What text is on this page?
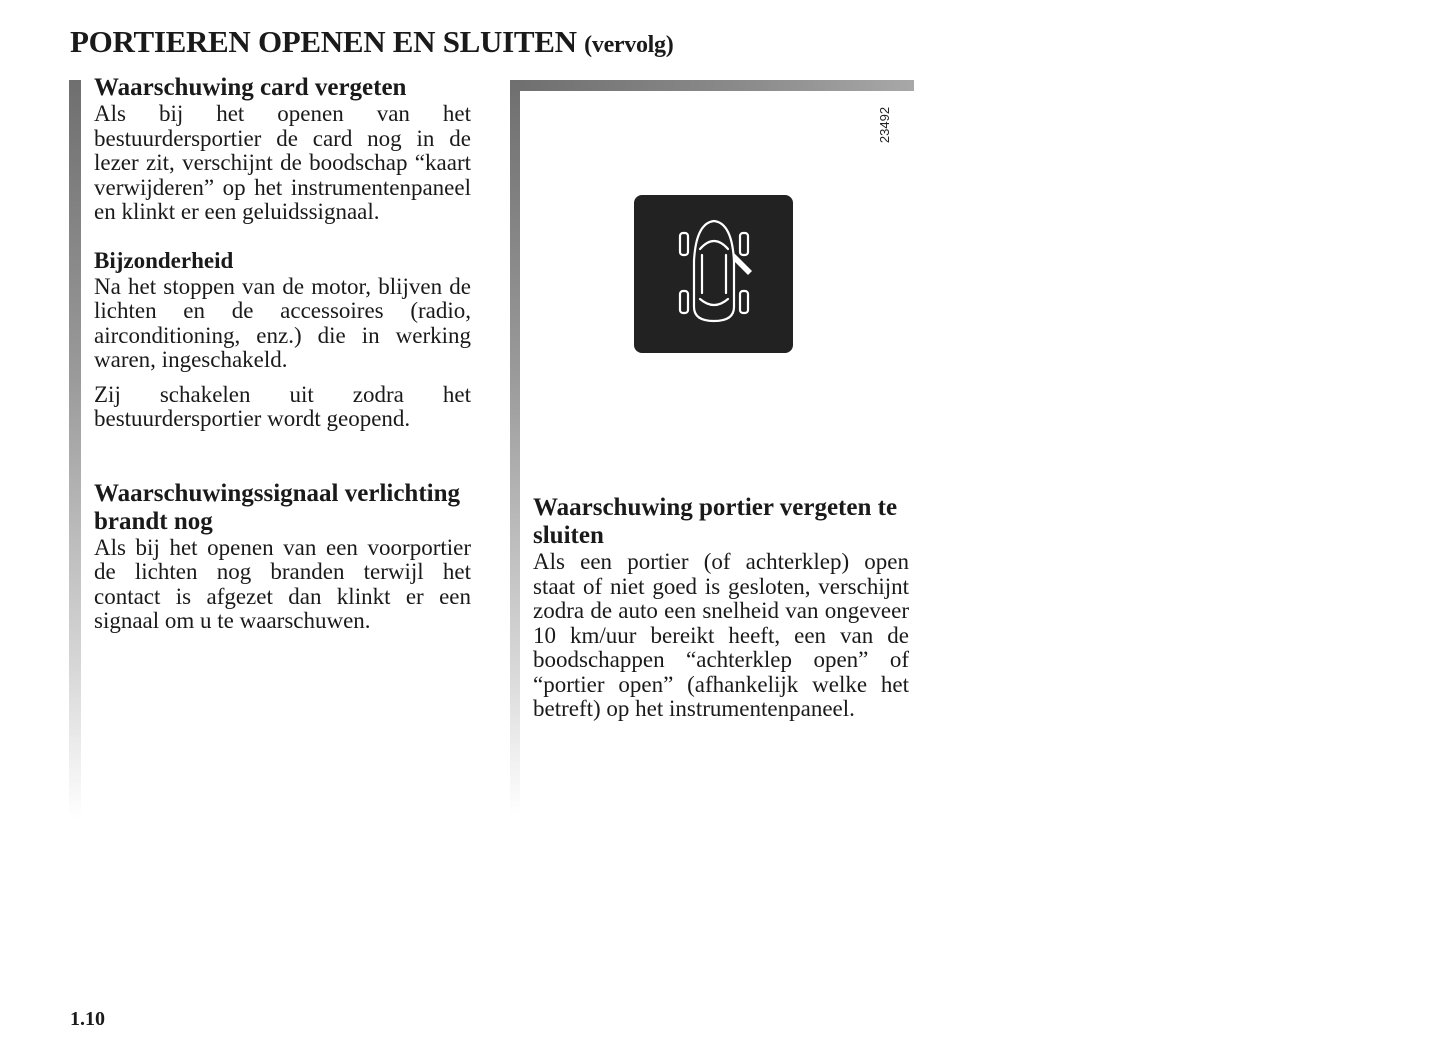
PORTIEREN OPENEN EN SLUITEN (vervolg)
Waarschuwing card vergeten

Als bij het openen van het bestuurdersportier de card nog in de lezer zit, verschijnt de boodschap “kaart verwijderen” op het instrumentenpaneel en klinkt er een geluidssignaal.

Bijzonderheid

Na het stoppen van de motor, blijven de lichten en de accessoires (radio, airconditioning, enz.) die in werking waren, ingeschakeld.

Zij schakelen uit zodra het bestuurdersportier wordt geopend.

Waarschuwingssignaal verlichting brandt nog

Als bij het openen van een voorportier de lichten nog branden terwijl het contact is afgezet dan klinkt er een signaal om u te waarschuwen.

23492
Waarschuwing portier vergeten te sluiten

Als een portier (of achterklep) open staat of niet goed is gesloten, verschijnt zodra de auto een snelheid van ongeveer 10 km/uur bereikt heeft, een van de boodschappen “achterklep open” of “portier open” (afhankelijk welke het betreft) op het instrumentenpaneel.

1.10
